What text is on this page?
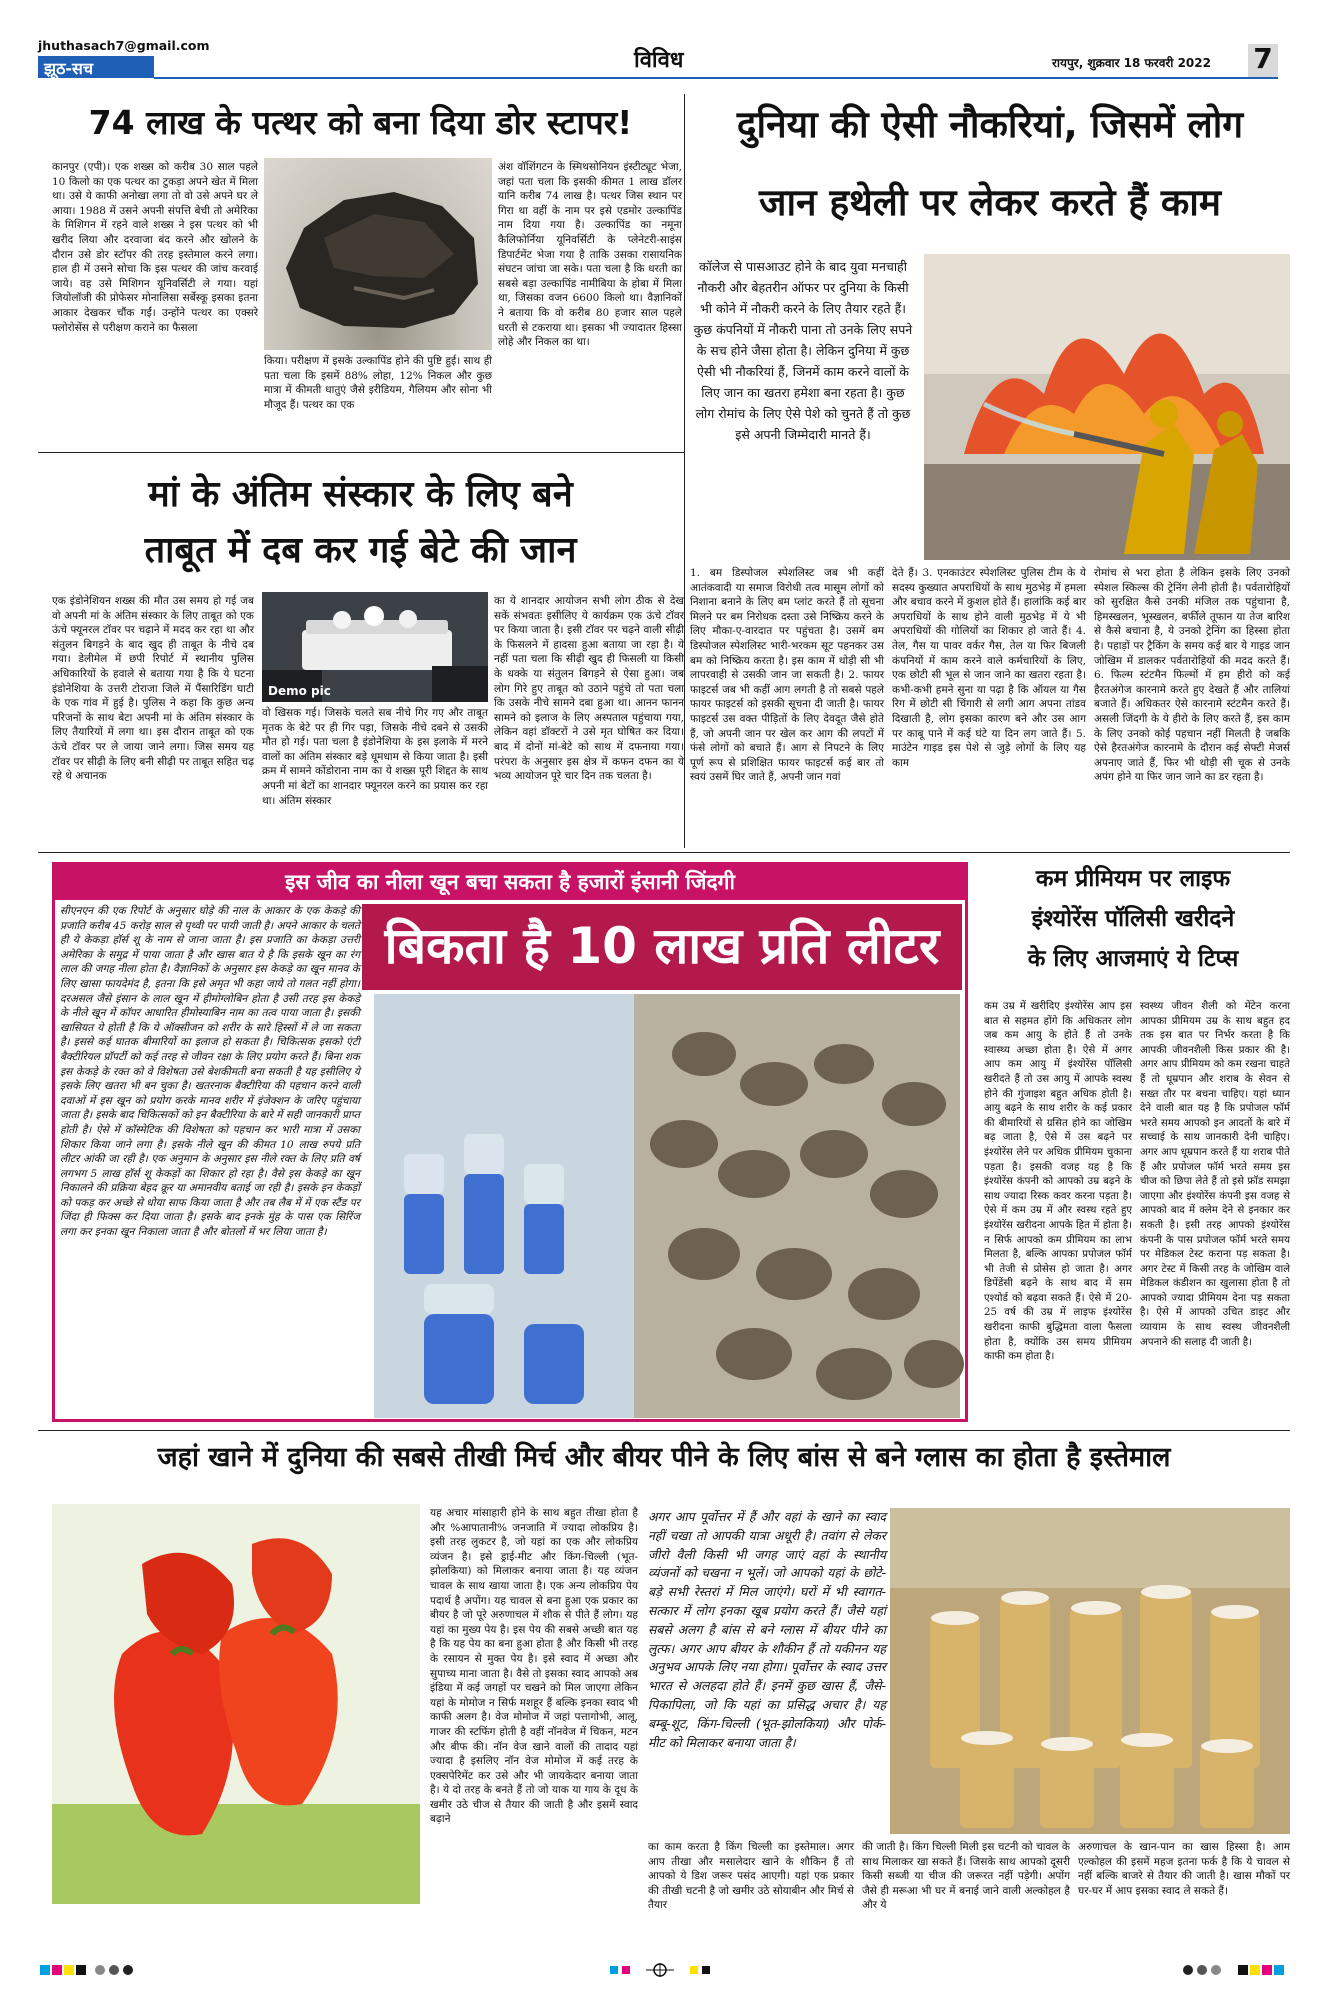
jhuthasach7@gmail.com
झूठ-सच	विविध	रायपुर, शुक्रवार 18 फरवरी 2022 7
74 लाख के पत्थर को बना दिया डोर स्टापर!
कानपुर (एपी)। एक शख्स को करीब 30 साल पहले 10 किलो का एक पत्थर का टुकड़ा अपने खेत में मिला था। उसे ये काफी अनोखा लगा तो वो उसे अपने घर ले आया। 1988 में उसने अपनी संपत्ति बेची तो अमेरिका के मिशिगन में रहने वाले शख्स ने इस पत्थर को भी खरीद लिया और दरवाजा बंद करने और खोलने के दौरान उसे डोर स्टॉपर की तरह इस्तेमाल करने लगा। हाल ही में उसने सोचा कि इस पत्थर की जांच करवाई जाये। वह उसे मिशिगन यूनिवर्सिटी ले गया। यहां जियोलॉजी की प्रोफेसर मोनालिसा सर्बेस्कू इसका इतना आकार देखकर चौंक गईं। उन्होंने पत्थर का एक्सरे फ्लोरोसेंस से परीक्षण कराने का फैसला
किया। परीक्षण में इसके उल्कापिंड होने की पुष्टि हुई। साथ ही पता चला कि इसमें 88% लोहा, 12% निकल और कुछ मात्रा में कीमती धातुएं जैसे इरीडियम, गैलियम और सोना भी मौजूद हैं। पत्थर का एक
अंश वॉशिंगटन के स्मिथसोनियन इंस्टीट्यूट भेजा, जहां पता चला कि इसकी कीमत 1 लाख डॉलर यानि करीब 74 लाख है। पत्थर जिस स्थान पर गिरा था वहीं के नाम पर इसे एडमोर उल्कापिंड नाम दिया गया है। उल्कापिंड का नमूना कैलिफोर्निया यूनिवर्सिटी के प्लेनेटरी-साइंस डिपार्टमेंट भेजा गया है ताकि उसका रासायनिक संघटन जांचा जा सके। पता चला है कि धरती का सबसे बड़ा उल्कापिंड नामीबिया के होबा में मिला था, जिसका वजन 6600 किलो था। वैज्ञानिकों ने बताया कि वो करीब 80 हजार साल पहले धरती से टकराया था। इसका भी ज्यादातर हिस्सा लोहे और निकल का था।
मां के अंतिम संस्कार के लिए बने
ताबूत में दब कर गई बेटे की जान
एक इंडोनेशियन शख्स की मौत उस समय हो गई जब वो अपनी मां के अंतिम संस्कार के लिए ताबूत को एक ऊंचे फ्यूनरल टॉवर पर चढ़ाने में मदद कर रहा था और संतुलन बिगड़ने के बाद खुद ही ताबूत के नीचे दब गया। डेलीमेल में छपी रिपोर्ट में स्थानीय पुलिस अधिकारियों के हवाले से बताया गया है कि ये घटना इंडोनेशिया के उत्तरी टोराजा जिले में पैंसारिडिंग घाटी के एक गांव में हुई है। पुलिस ने कहा कि कुछ अन्य परिजनों के साथ बेटा अपनी मां के अंतिम संस्कार के लिए तैयारियों में लगा था। इस दौरान ताबूत को एक ऊंचे टॉवर पर ले जाया जाने लगा। जिस समय यह टॉवर पर सीढ़ी के लिए बनी सीढ़ी पर ताबूत सहित चढ़ रहे थे अचानक
Demo pic
वो खिसक गई। जिसके चलते सब नीचे गिर गए और ताबूत मृतक के बेटे पर ही गिर पड़ा, जिसके नीचे दबने से उसकी मौत हो गई। पता चला है इंडोनेशिया के इस इलाके में मरने वालों का अंतिम संस्कार बड़े धूमधाम से किया जाता है। इसी क्रम में सामने कोंडोराना नाम का ये शख्स पूरी शिद्दत के साथ अपनी मां बेटों का शानदार फ्यूनरल करने का प्रयास कर रहा था। अंतिम संस्कार
का ये शानदार आयोजन सभी लोग ठीक से देख सकें संभवतः इसीलिए ये कार्यक्रम एक ऊंचे टॉवर पर किया जाता है। इसी टॉवर पर चढ़ने वाली सीढ़ी के फिसलने में हादसा हुआ बताया जा रहा है। ये नहीं पता चला कि सीढ़ी खुद ही फिसली या किसी के धक्के या संतुलन बिगड़ने से ऐसा हुआ। जब लोग गिरे हुए ताबूत को उठाने पहुंचे तो पता चला कि उसके नीचे सामने दबा हुआ था। आनन फानन सामने को इलाज के लिए अस्पताल पहुंचाया गया, लेकिन वहां डॉक्टरों ने उसे मृत घोषित कर दिया। बाद में दोनों मां-बेटे को साथ में दफनाया गया। परंपरा के अनुसार इस क्षेत्र में कफन दफन का ये भव्य आयोजन पूरे चार दिन तक चलता है।
दुनिया की ऐसी नौकरियां, जिसमें लोग
जान हथेली पर लेकर करते हैं काम
कॉलेज से पासआउट होने के बाद युवा मनचाही नौकरी और बेहतरीन ऑफर पर दुनिया के किसी भी कोने में नौकरी करने के लिए तैयार रहते हैं। कुछ कंपनियों में नौकरी पाना तो उनके लिए सपने के सच होने जैसा होता है। लेकिन दुनिया में कुछ ऐसी भी नौकरियां हैं, जिनमें काम करने वालों के लिए जान का खतरा हमेशा बना रहता है। कुछ लोग रोमांच के लिए ऐसे पेशे को चुनते हैं तो कुछ इसे अपनी जिम्मेदारी मानते हैं।
1. बम डिस्पोजल स्पेशलिस्ट जब भी कहीं आतंकवादी या समाज विरोधी तत्व मासूम लोगों को निशाना बनाने के लिए बम प्लांट करते हैं तो सूचना मिलने पर बम निरोधक दस्ता उसे निष्क्रिय करने के लिए मौका-ए-वारदात पर पहुंचता है। उसमें बम डिस्पोजल स्पेशलिस्ट भारी-भरकम सूट पहनकर उस बम को निष्क्रिय करता है। इस काम में थोड़ी सी भी लापरवाही से उसकी जान जा सकती है। 2. फायर फाइटर्स जब भी कहीं आग लगती है तो सबसे पहले फायर फाइटर्स को इसकी सूचना दी जाती है। फायर फाइटर्स उस वक्त पीड़ितों के लिए देवदूत जैसे होते हैं, जो अपनी जान पर खेल कर आग की लपटों में फंसे लोगों को बचाते हैं। आग से निपटने के लिए पूर्ण रूप से प्रशिक्षित फायर फाइटर्स कई बार तो स्वयं उसमें घिर जाते हैं, अपनी जान गवां
देते हैं। 3. एनकाउंटर स्पेशलिस्ट पुलिस टीम के ये सदस्य कुख्यात अपराधियों के साथ मुठभेड़ में हमला और बचाव करने में कुशल होते हैं। हालांकि कई बार अपराधियों के साथ होने वाली मुठभेड़ में ये भी अपराधियों की गोलियों का शिकार हो जाते हैं। 4. तेल, गैस या पावर वर्कर गैस, तेल या फिर बिजली कंपनियों में काम करने वाले कर्मचारियों के लिए, एक छोटी सी भूल से जान जाने का खतरा रहता है। कभी-कभी हमने सुना या पढ़ा है कि ऑयल या गैस रिग में छोटी सी चिंगारी से लगी आग अपना तांडव दिखाती है, लोग इसका कारण बने और उस आग पर काबू पाने में कई घंटे या दिन लग जाते हैं। 5. माउंटेन गाइड इस पेशे से जुड़े लोगों के लिए यह काम
रोमांच से भरा होता है लेकिन इसके लिए उनको स्पेशल स्किल्स की ट्रेनिंग लेनी होती है। पर्वतारोहियों को सुरक्षित कैसे उनकी मंजिल तक पहुंचाना है, हिमस्खलन, भूस्खलन, बर्फीले तूफान या तेज बारिश से कैसे बचाना है, ये उनको ट्रेनिंग का हिस्सा होता है। पहाड़ों पर ट्रैकिंग के समय कई बार ये गाइड जान जोखिम में डालकर पर्वतारोहियों की मदद करते हैं। 6. फिल्म स्टंटमैन फिल्मों में हम हीरो को कई हैरतअंगेज कारनामे करते हुए देखते हैं और तालियां बजाते हैं। अधिकतर ऐसे कारनामे स्टंटमैन करते हैं। असली जिंदगी के ये हीरो के लिए करते हैं, इस काम के लिए उनको कोई पहचान नहीं मिलती है जबकि ऐसे हैरतअंगेज कारनामे के दौरान कई सेफ्टी मेजर्स अपनाए जाते हैं, फिर भी थोड़ी सी चूक से उनके अपंग होने या फिर जान जाने का डर रहता है।
इस जीव का नीला खून बचा सकता है हजारों इंसानी जिंदगी
सीएनएन की एक रिपोर्ट के अनुसार घोड़े की नाल के आकार के एक केकड़े की प्रजाति करीब 45 करोड़ साल से पृथ्वी पर पायी जाती है। अपने आकार के चलते ही ये केकड़ा हॉर्स शू के नाम से जाना जाता है। इस प्रजाति का केकड़ा उत्तरी अमेरिका के समुद्र में पाया जाता है और खास बात ये है कि इसके खून का रंग लाल की जगह नीला होता है। वैज्ञानिकों के अनुसार इस केकड़े का खून मानव के लिए खासा फायदेमंद है, इतना कि इसे अमृत भी कहा जाये तो गलत नहीं होगा। दरअसल जैसे इंसान के लाल खून में हीमोग्लोबिन होता है उसी तरह इस केकड़े के नीले खून में कॉपर आधारित हीमोस्याबिन नाम का तत्व पाया जाता है। इसकी खासियत ये होती है कि ये ऑक्सीजन को शरीर के सारे हिस्सों में ले जा सकता है। इससे कई घातक बीमारियों का इलाज हो सकता है। चिकित्सक इसको एंटी बैक्टीरियल प्रॉपर्टी को कई तरह से जीवन रक्षा के लिए प्रयोग करते हैं। बिना शक इस केकड़े के रक्त को वे विशेषता उसे बेशकीमती बना सकती है यह इसीलिए ये इसके लिए खतरा भी बन चुका है। खतरनाक बैक्टीरिया की पहचान करने वाली दवाओं में इस खून को प्रयोग करके मानव शरीर में इंजेक्शन के जरिए पहुंचाया जाता है। इसके बाद चिकित्सकों को इन बैक्टीरिया के बारे में सही जानकारी प्राप्त होती है। ऐसे में कॉस्मेटिक की विशेषता को पहचान कर भारी मात्रा में उसका शिकार किया जाने लगा है। इसके नीले खून की कीमत 10 लाख रुपये प्रति लीटर आंकी जा रही है। एक अनुमान के अनुसार इस नीले रक्त के लिए प्रति वर्ष लगभग 5 लाख हॉर्स शू केकड़ों का शिकार हो रहा है। वैसे इस केकड़े का खून निकालने की प्रक्रिया बेहद क्रूर या अमानवीय बताई जा रही है। इसके इन केकड़ों को पकड़ कर अच्छे से धोया साफ किया जाता है और तब लैब में में एक स्टैंड पर जिंदा ही फिक्स कर दिया जाता है। इसके बाद इनके मुंह के पास एक सिरिंज लगा कर इनका खून निकाला जाता है और बोतलों में भर लिया जाता है।
बिकता है 10 लाख प्रति लीटर
कम प्रीमियम पर लाइफ
इंश्योरेंस पॉलिसी खरीदने
के लिए आजमाएं ये टिप्स
कम उम्र में खरीदिए इंश्योरेंस आप इस बात से सहमत होंगे कि अधिकतर लोग जब कम आयु के होते हैं तो उनके स्वास्थ्य अच्छा होता है। ऐसे में अगर आप कम आयु में इंश्योरेंस पॉलिसी खरीदते हैं तो उस आयु में आपके स्वस्थ होने की गुंजाइश बहुत अधिक होती है। आयु बढ़ने के साथ शरीर के कई प्रकार की बीमारियों से ग्रसित होने का जोखिम बढ़ जाता है, ऐसे में उस बढ़ने पर इंश्योरेंस लेने पर अधिक प्रीमियम चुकाना पड़ता है। इसकी वजह यह है कि इंश्योरेंस कंपनी को आपको उम्र बढ़ने के साथ ज्यादा रिस्क कवर करना पड़ता है। ऐसे में कम उम्र में और स्वस्थ रहते हुए इंश्योरेंस खरीदना आपके हित में होता है। न सिर्फ आपको कम प्रीमियम का लाभ मिलता है, बल्कि आपका प्रपोजल फॉर्म भी तेजी से प्रोसेस हो जाता है। अगर डिपेंडेंसी बढ़ने के साथ बाद में सम एश्योर्ड को बढ़वा सकते हैं। ऐसे में 20-25 वर्ष की उम्र में लाइफ इंश्योरेंस खरीदना काफी बुद्धिमता वाला फैसला होता है, क्योंकि उस समय प्रीमियम काफी कम होता है।
स्वस्थ्य जीवन शैली को मेंटेन करना आपका प्रीमियम उम्र के साथ बहुत हद तक इस बात पर निर्भर करता है कि आपकी जीवनशैली किस प्रकार की है। अगर आप प्रीमियम को कम रखना चाहते हैं तो धूम्रपान और शराब के सेवन से सख्त तौर पर बचना चाहिए। यहां ध्यान देने वाली बात यह है कि प्रपोजल फॉर्म भरते समय आपको इन आदतों के बारे में सच्चाई के साथ जानकारी देनी चाहिए। अगर आप धूम्रपान करते हैं या शराब पीते हैं और प्रपोजल फॉर्म भरते समय इस चीज को छिपा लेते हैं तो इसे फ्रॉड समझा जाएगा और इंश्योरेंस कंपनी इस वजह से आपको बाद में क्लेम देने से इनकार कर सकती है। इसी तरह आपको इंश्योरेंस कंपनी के पास प्रपोजल फॉर्म भरते समय पर मेडिकल टेस्ट कराना पड़ सकता है। अगर टेस्ट में किसी तरह के जोखिम वाले मेडिकल कंडीशन का खुलासा होता है तो आपको ज्यादा प्रीमियम देना पड़ सकता है। ऐसे में आपको उचित डाइट और व्यायाम के साथ स्वस्थ जीवनशैली अपनाने की सलाह दी जाती है।
जहां खाने में दुनिया की सबसे तीखी मिर्च और बीयर पीने के लिए बांस से बने ग्लास का होता है इस्तेमाल
यह अचार मांसाहारी होने के साथ बहुत तीखा होता है और %आपातानी% जनजाति में ज्यादा लोकप्रिय है। इसी तरह लुकटर है, जो यहां का एक और लोकप्रिय व्यंजन है। इसे ड्राई-मीट और किंग-चिल्ली (भूत-झोलकिया) को मिलाकर बनाया जाता है। यह व्यंजन चावल के साथ खाया जाता है। एक अन्य लोकप्रिय पेय पदार्थ है अपोंग। यह चावल से बना हुआ एक प्रकार का बीयर है जो पूरे अरुणाचल में शौक से पीते हैं लोग। यह यहां का मुख्य पेय है। इस पेय की सबसे अच्छी बात यह है कि यह पेय का बना हुआ होता है और किसी भी तरह के रसायन से मुक्त पेय है। इसे स्वाद में अच्छा और सुपाच्य माना जाता है। वैसे तो इसका स्वाद आपको अब इंडिया में कई जगहों पर चखने को मिल जाएगा लेकिन यहां के मोमोज न सिर्फ मशहूर हैं बल्कि इनका स्वाद भी काफी अलग है। वेज मोमोज में जहां पत्तागोभी, आलू, गाजर की स्टफिंग होती है वहीं नॉनवेज में चिकन, मटन और बीफ की। नॉन वेज खाने वालों की तादाद यहां ज्यादा है इसलिए नॉन वेज मोमोज में कई तरह के एक्सपेरिमेंट कर उसे और भी जायकेदार बनाया जाता है। ये दो तरह के बनते हैं तो जो याक या गाय के दूध के खमीर उठे चीज से तैयार की जाती है और इसमें स्वाद बढ़ाने
अगर आप पूर्वोत्तर में हैं और वहां के खाने का स्वाद नहीं चखा तो आपकी यात्रा अधूरी है। तवांग से लेकर जीरो वैली किसी भी जगह जाएं वहां के स्थानीय व्यंजनों को चखना न भूलें। जो आपको यहां के छोटे-बड़े सभी रेस्तरां में मिल जाएंगे। घरों में भी स्वागत-सत्कार में लोग इनका खूब प्रयोग करते हैं। जैसे यहां सबसे अलग है बांस से बने ग्लास में बीयर पीने का लुत्फ। अगर आप बीयर के शौकीन हैं तो यकीनन यह अनुभव आपके लिए नया होगा। पूर्वोत्तर के स्वाद उत्तर भारत से अलहदा होते हैं। इनमें कुछ खास हैं, जैसे-पिकापिला, जो कि यहां का प्रसिद्ध अचार है। यह बम्बू-शूट, किंग-चिल्ली (भूत-झोलकिया) और पोर्क-मीट को मिलाकर बनाया जाता है।
का काम करता है किंग चिल्ली का इस्तेमाल। अगर आप तीखा और मसालेदार खाने के शौकिन हैं तो आपको ये डिश जरूर पसंद आएगी। यहां एक प्रकार की तीखी चटनी है जो खमीर उठे सोयाबीन और मिर्च से तैयार
की जाती है। किंग चिल्ली मिली इस चटनी को चावल के साथ मिलाकर खा सकते हैं। जिसके साथ आपको दूसरी किसी सब्जी या चीज की जरूरत नहीं पड़ेगी। अपोंग जैसे ही मरूआ भी घर में बनाई जाने वाली अल्कोहल है और ये
अरुणाचल के खान-पान का खास हिस्सा है। आम एल्कोहल की इसमें महज इतना फर्क है कि ये चावल से नहीं बल्कि बाजरे से तैयार की जाती है। खास मौकों पर घर-घर में आप इसका स्वाद ले सकते हैं।
